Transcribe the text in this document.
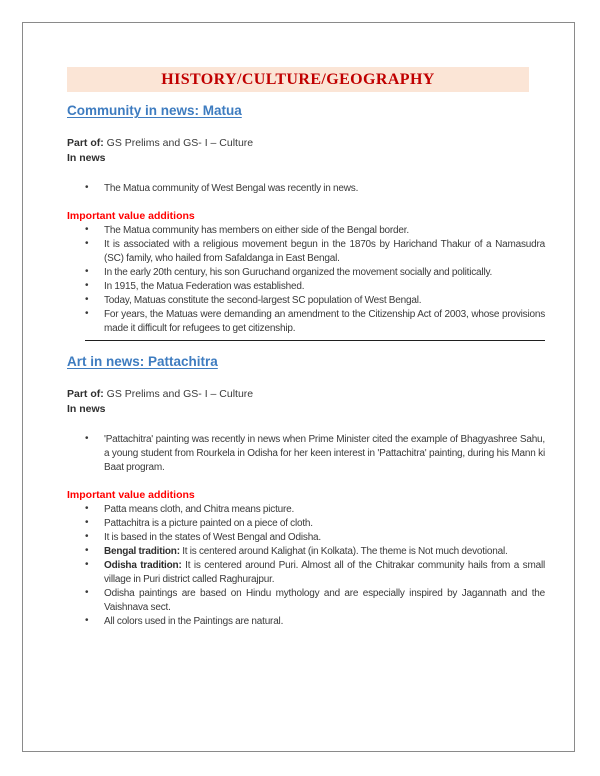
HISTORY/CULTURE/GEOGRAPHY
Community in news: Matua
Part of: GS Prelims and GS- I – Culture
In news
• The Matua community of West Bengal was recently in news.
Important value additions
• The Matua community has members on either side of the Bengal border.
• It is associated with a religious movement begun in the 1870s by Harichand Thakur of a Namasudra (SC) family, who hailed from Safaldanga in East Bengal.
• In the early 20th century, his son Guruchand organized the movement socially and politically.
• In 1915, the Matua Federation was established.
• Today, Matuas constitute the second-largest SC population of West Bengal.
• For years, the Matuas were demanding an amendment to the Citizenship Act of 2003, whose provisions made it difficult for refugees to get citizenship.
Art in news: Pattachitra
Part of: GS Prelims and GS- I – Culture
In news
• 'Pattachitra' painting was recently in news when Prime Minister cited the example of Bhagyashree Sahu, a young student from Rourkela in Odisha for her keen interest in 'Pattachitra' painting, during his Mann ki Baat program.
Important value additions
• Patta means cloth, and Chitra means picture.
• Pattachitra is a picture painted on a piece of cloth.
• It is based in the states of West Bengal and Odisha.
• Bengal tradition: It is centered around Kalighat (in Kolkata). The theme is Not much devotional.
• Odisha tradition: It is centered around Puri. Almost all of the Chitrakar community hails from a small village in Puri district called Raghurajpur.
• Odisha paintings are based on Hindu mythology and are especially inspired by Jagannath and the Vaishnava sect.
• All colors used in the Paintings are natural.
